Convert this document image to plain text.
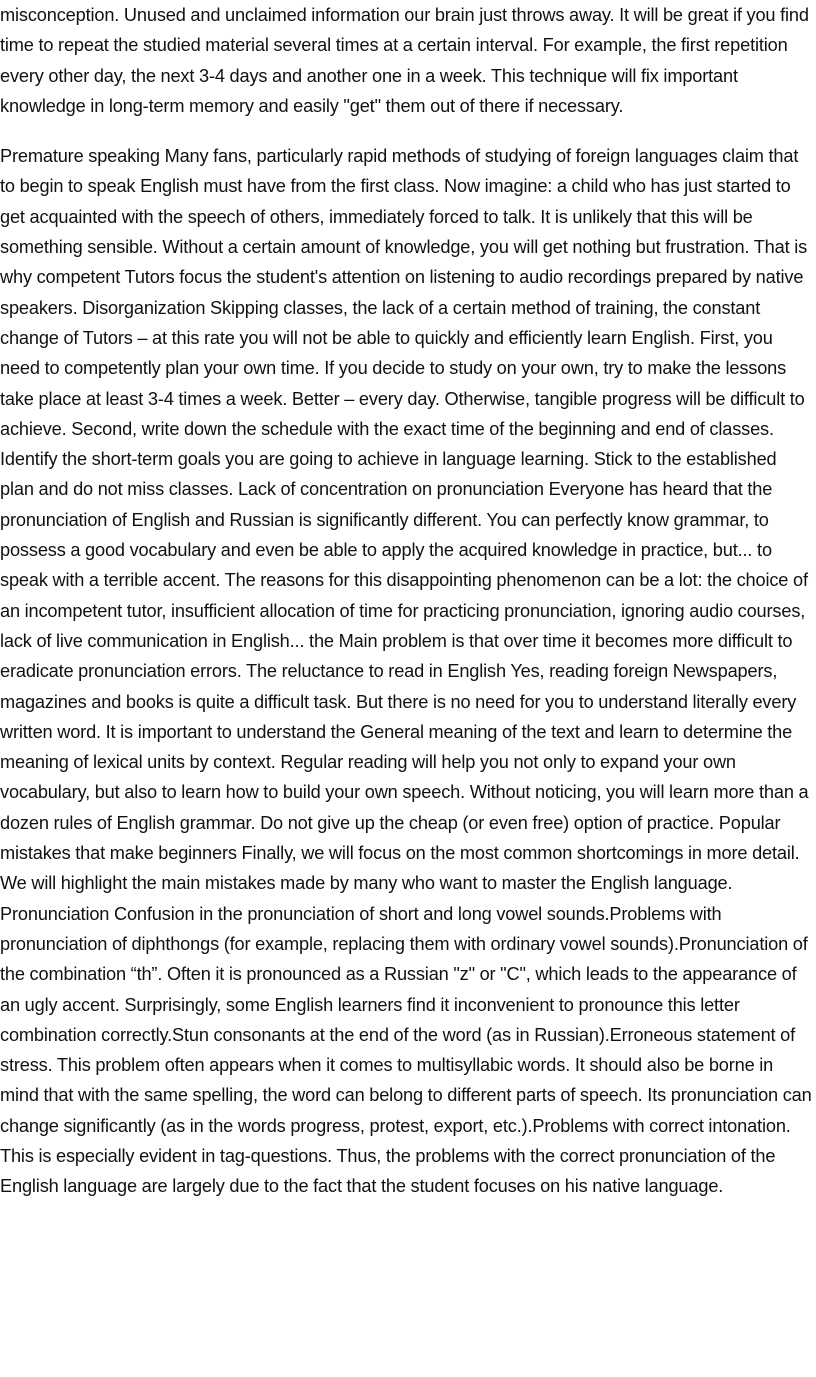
misconception. Unused and unclaimed information our brain just throws away. It will be great if you find time to repeat the studied material several times at a certain interval. For example, the first repetition every other day, the next 3-4 days and another one in a week. This technique will fix important knowledge in long-term memory and easily "get" them out of there if necessary.

Premature speaking Many fans, particularly rapid methods of studying of foreign languages claim that to begin to speak English must have from the first class. Now imagine: a child who has just started to get acquainted with the speech of others, immediately forced to talk. It is unlikely that this will be something sensible. Without a certain amount of knowledge, you will get nothing but frustration. That is why competent Tutors focus the student's attention on listening to audio recordings prepared by native speakers. Disorganization Skipping classes, the lack of a certain method of training, the constant change of Tutors – at this rate you will not be able to quickly and efficiently learn English. First, you need to competently plan your own time. If you decide to study on your own, try to make the lessons take place at least 3-4 times a week. Better – every day. Otherwise, tangible progress will be difficult to achieve. Second, write down the schedule with the exact time of the beginning and end of classes. Identify the short-term goals you are going to achieve in language learning. Stick to the established plan and do not miss classes. Lack of concentration on pronunciation Everyone has heard that the pronunciation of English and Russian is significantly different. You can perfectly know grammar, to possess a good vocabulary and even be able to apply the acquired knowledge in practice, but... to speak with a terrible accent. The reasons for this disappointing phenomenon can be a lot: the choice of an incompetent tutor, insufficient allocation of time for practicing pronunciation, ignoring audio courses, lack of live communication in English... the Main problem is that over time it becomes more difficult to eradicate pronunciation errors. The reluctance to read in English Yes, reading foreign Newspapers, magazines and books is quite a difficult task. But there is no need for you to understand literally every written word. It is important to understand the General meaning of the text and learn to determine the meaning of lexical units by context. Regular reading will help you not only to expand your own vocabulary, but also to learn how to build your own speech. Without noticing, you will learn more than a dozen rules of English grammar. Do not give up the cheap (or even free) option of practice. Popular mistakes that make beginners Finally, we will focus on the most common shortcomings in more detail. We will highlight the main mistakes made by many who want to master the English language. Pronunciation Confusion in the pronunciation of short and long vowel sounds.Problems with pronunciation of diphthongs (for example, replacing them with ordinary vowel sounds).Pronunciation of the combination “th”. Often it is pronounced as a Russian "z" or "C", which leads to the appearance of an ugly accent. Surprisingly, some English learners find it inconvenient to pronounce this letter combination correctly.Stun consonants at the end of the word (as in Russian).Erroneous statement of stress. This problem often appears when it comes to multisyllabic words. It should also be borne in mind that with the same spelling, the word can belong to different parts of speech. Its pronunciation can change significantly (as in the words progress, protest, export, etc.).Problems with correct intonation. This is especially evident in tag-questions. Thus, the problems with the correct pronunciation of the English language are largely due to the fact that the student focuses on his native language.
